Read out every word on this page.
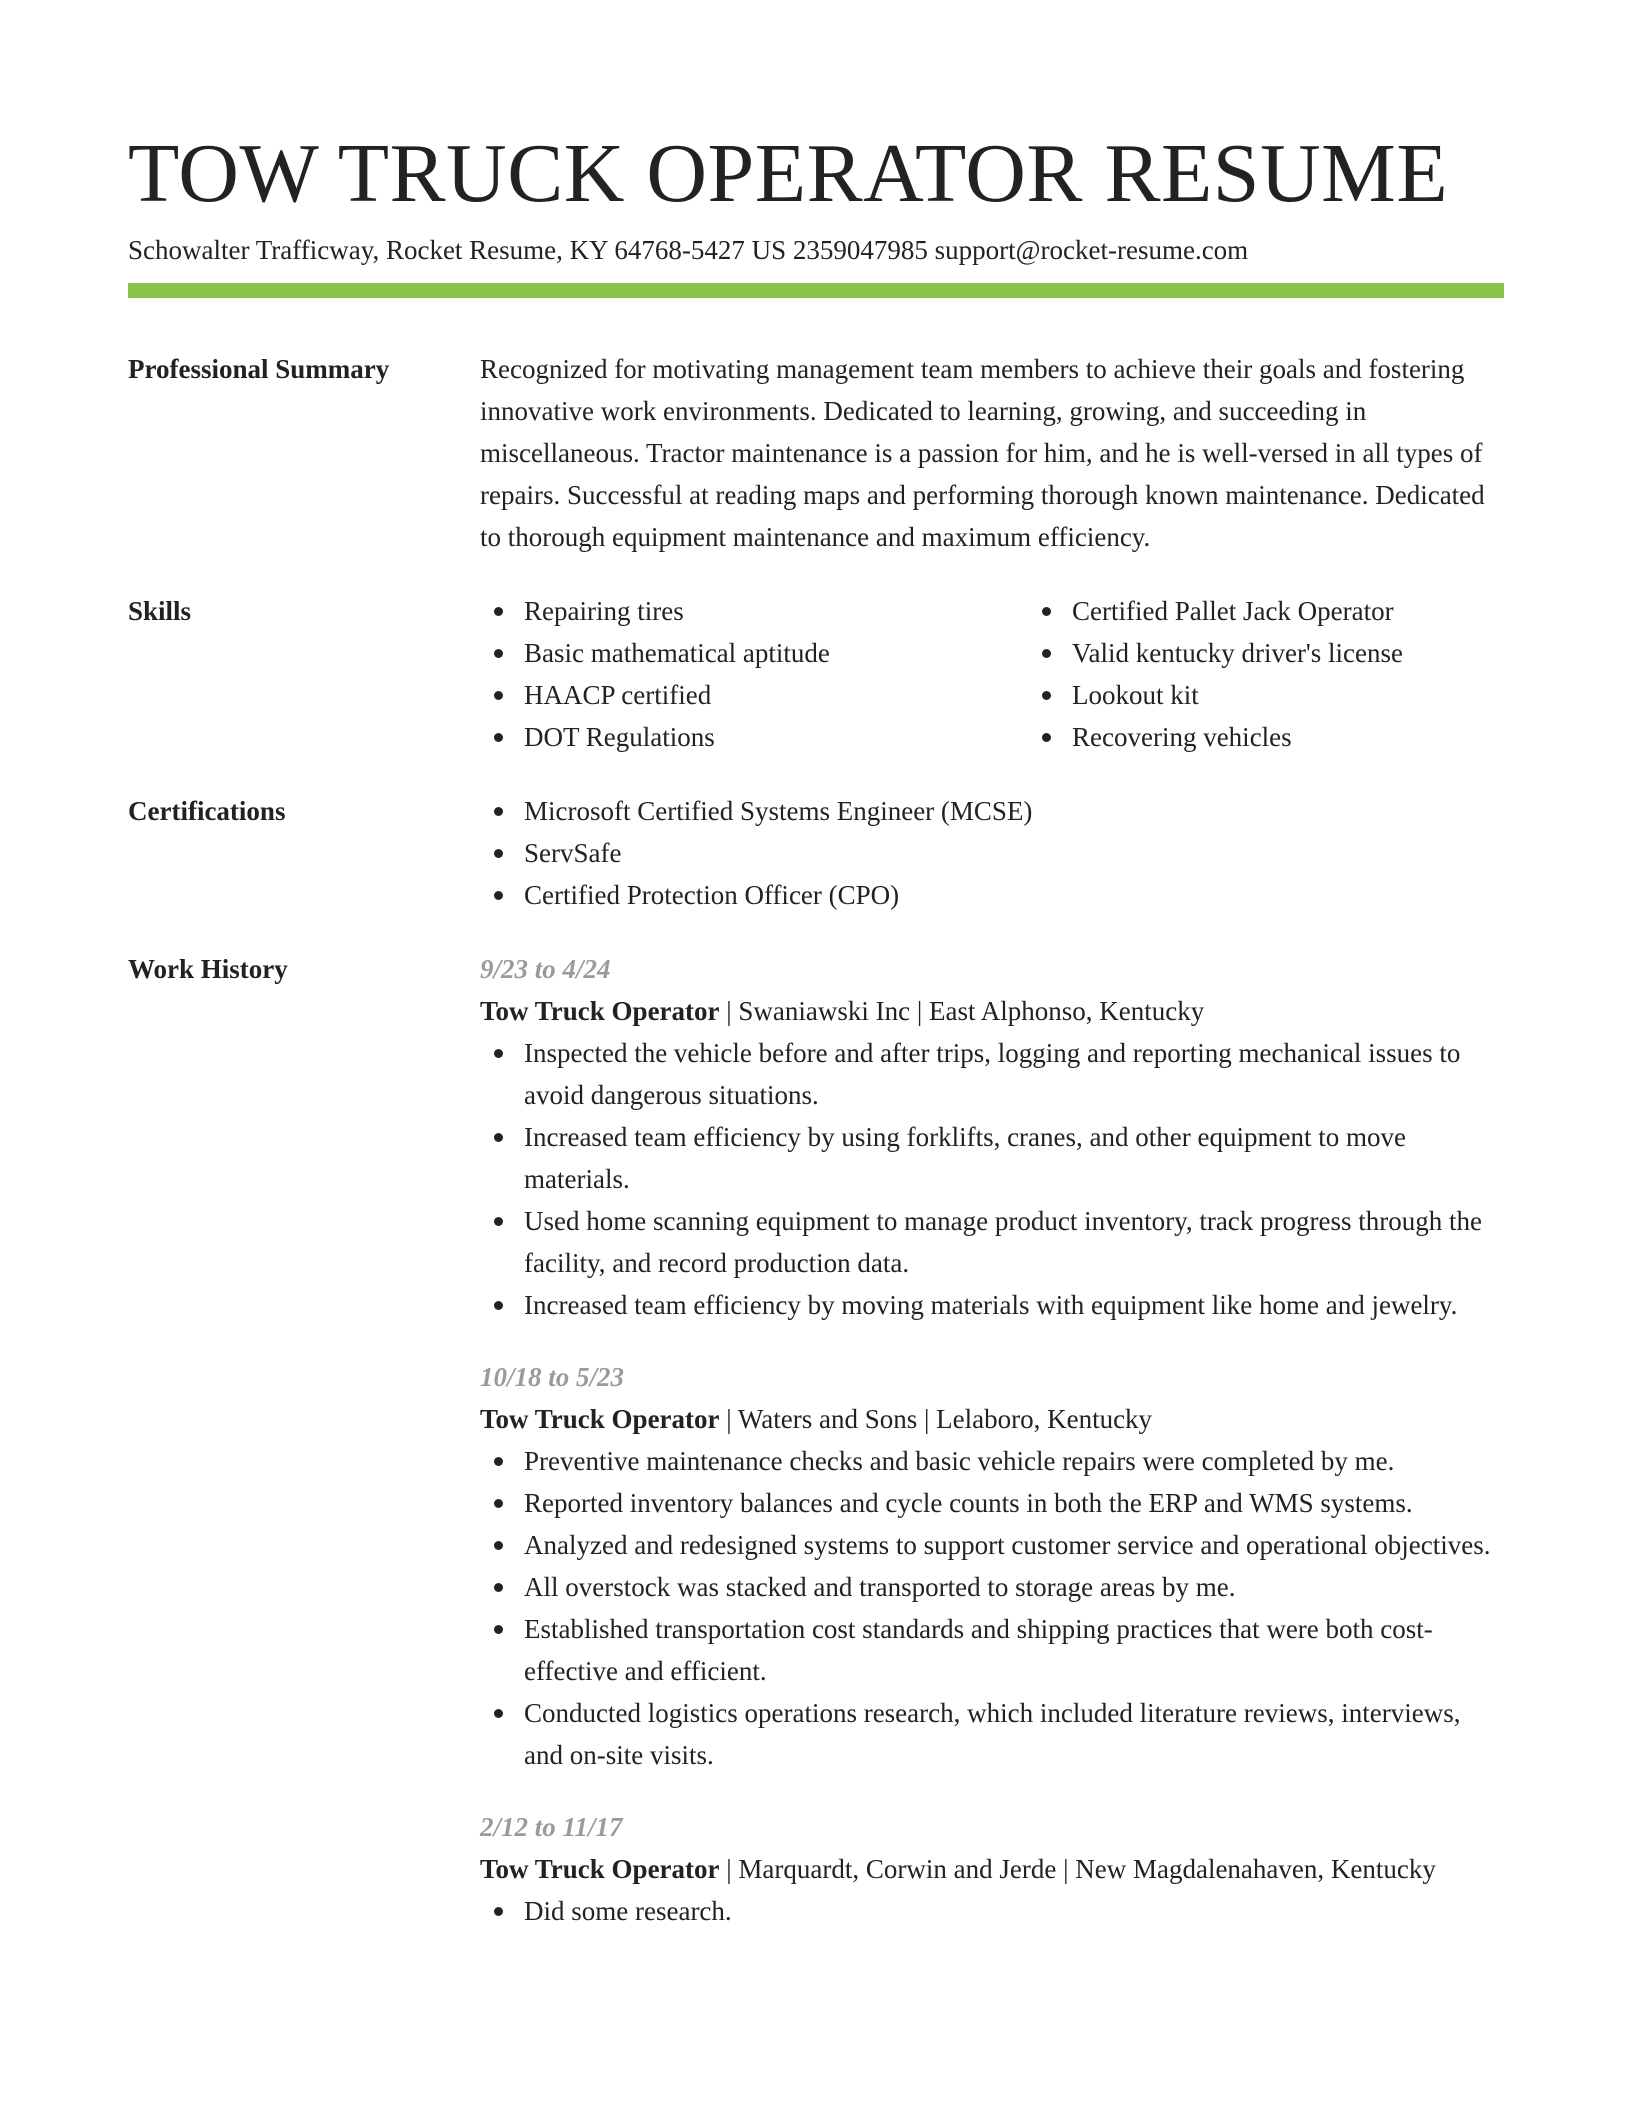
TOW TRUCK OPERATOR RESUME
Schowalter Trafficway, Rocket Resume, KY 64768-5427 US 2359047985 support@rocket-resume.com
Professional Summary	Recognized for motivating management team members to achieve their goals and fostering innovative work environments. Dedicated to learning, growing, and succeeding in miscellaneous. Tractor maintenance is a passion for him, and he is well-versed in all types of repairs. Successful at reading maps and performing thorough known maintenance. Dedicated to thorough equipment maintenance and maximum efficiency.
Skills	Repairing tires
Basic mathematical aptitude
HAACP certified
DOT Regulations
Certified Pallet Jack Operator
Valid kentucky driver's license
Lookout kit
Recovering vehicles
Certifications	Microsoft Certified Systems Engineer (MCSE)
ServSafe
Certified Protection Officer (CPO)
Work History	9/23 to 4/24
Tow Truck Operator | Swaniawski Inc | East Alphonso, Kentucky
Inspected the vehicle before and after trips, logging and reporting mechanical issues to avoid dangerous situations.
Increased team efficiency by using forklifts, cranes, and other equipment to move materials.
Used home scanning equipment to manage product inventory, track progress through the facility, and record production data.
Increased team efficiency by moving materials with equipment like home and jewelry.
10/18 to 5/23
Tow Truck Operator | Waters and Sons | Lelaboro, Kentucky
Preventive maintenance checks and basic vehicle repairs were completed by me.
Reported inventory balances and cycle counts in both the ERP and WMS systems.
Analyzed and redesigned systems to support customer service and operational objectives.
All overstock was stacked and transported to storage areas by me.
Established transportation cost standards and shipping practices that were both cost-effective and efficient.
Conducted logistics operations research, which included literature reviews, interviews, and on-site visits.
2/12 to 11/17
Tow Truck Operator | Marquardt, Corwin and Jerde | New Magdalenahaven, Kentucky
Did some research.
